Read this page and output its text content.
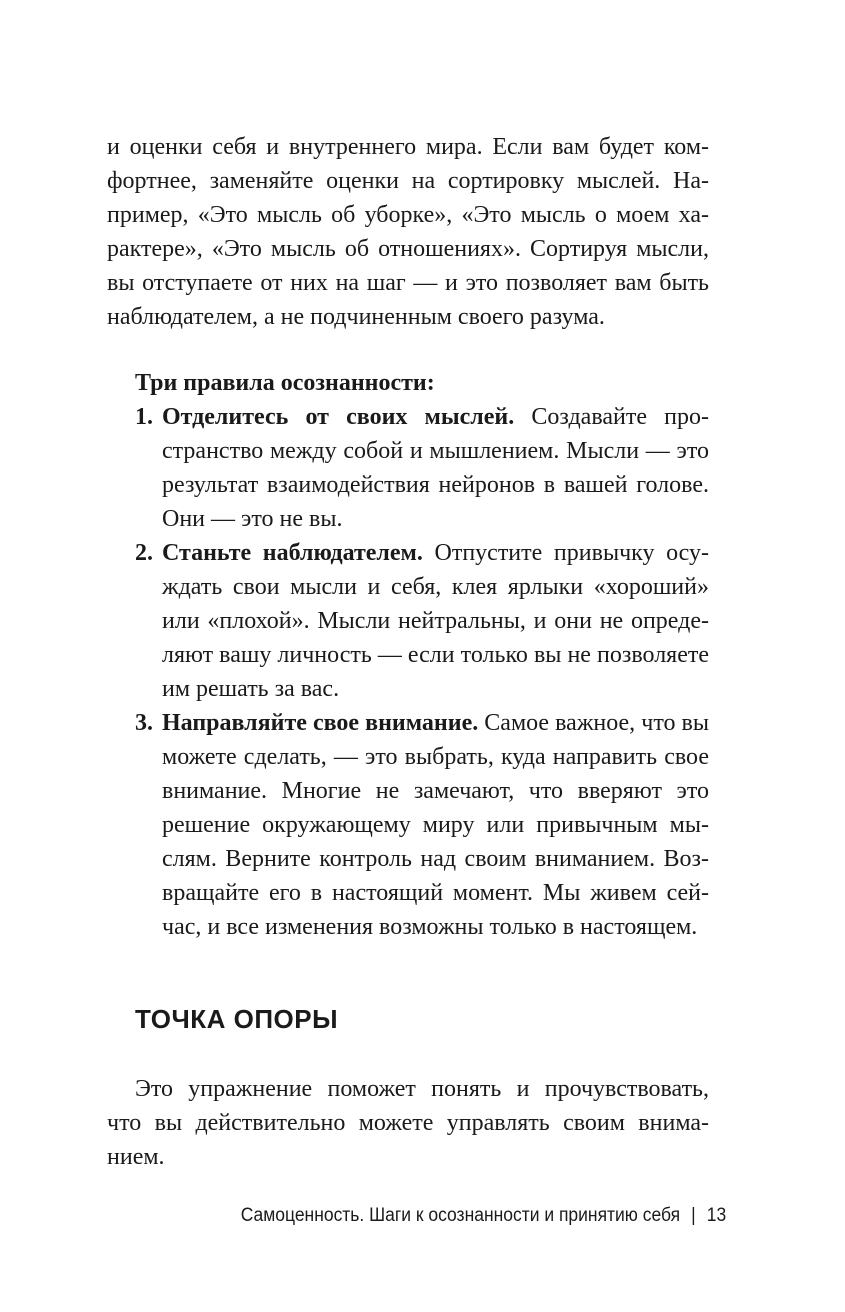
и оценки себя и внутреннего мира. Если вам будет ком-
фортнее, заменяйте оценки на сортировку мыслей. На-
пример, «Это мысль об уборке», «Это мысль о моем ха-
рактере», «Это мысль об отношениях». Сортируя мысли,
вы отступаете от них на шаг — и это позволяет вам быть
наблюдателем, а не подчиненным своего разума.
Три правила осознанности:
1. Отделитесь от своих мыслей. Создавайте про-
странство между собой и мышлением. Мысли — это
результат взаимодействия нейронов в вашей голове.
Они — это не вы.
2. Станьте наблюдателем. Отпустите привычку осу-
ждать свои мысли и себя, клея ярлыки «хороший»
или «плохой». Мысли нейтральны, и они не опреде-
ляют вашу личность — если только вы не позволяете
им решать за вас.
3. Направляйте свое внимание. Самое важное, что вы
можете сделать, — это выбрать, куда направить свое
внимание. Многие не замечают, что вверяют это
решение окружающему миру или привычным мы-
слям. Верните контроль над своим вниманием. Воз-
вращайте его в настоящий момент. Мы живем сей-
час, и все изменения возможны только в настоящем.
ТОЧКА ОПОРЫ
Это упражнение поможет понять и прочувствовать,
что вы действительно можете управлять своим внима-
нием.
Самоценность. Шаги к осознанности и принятию себя | 13
